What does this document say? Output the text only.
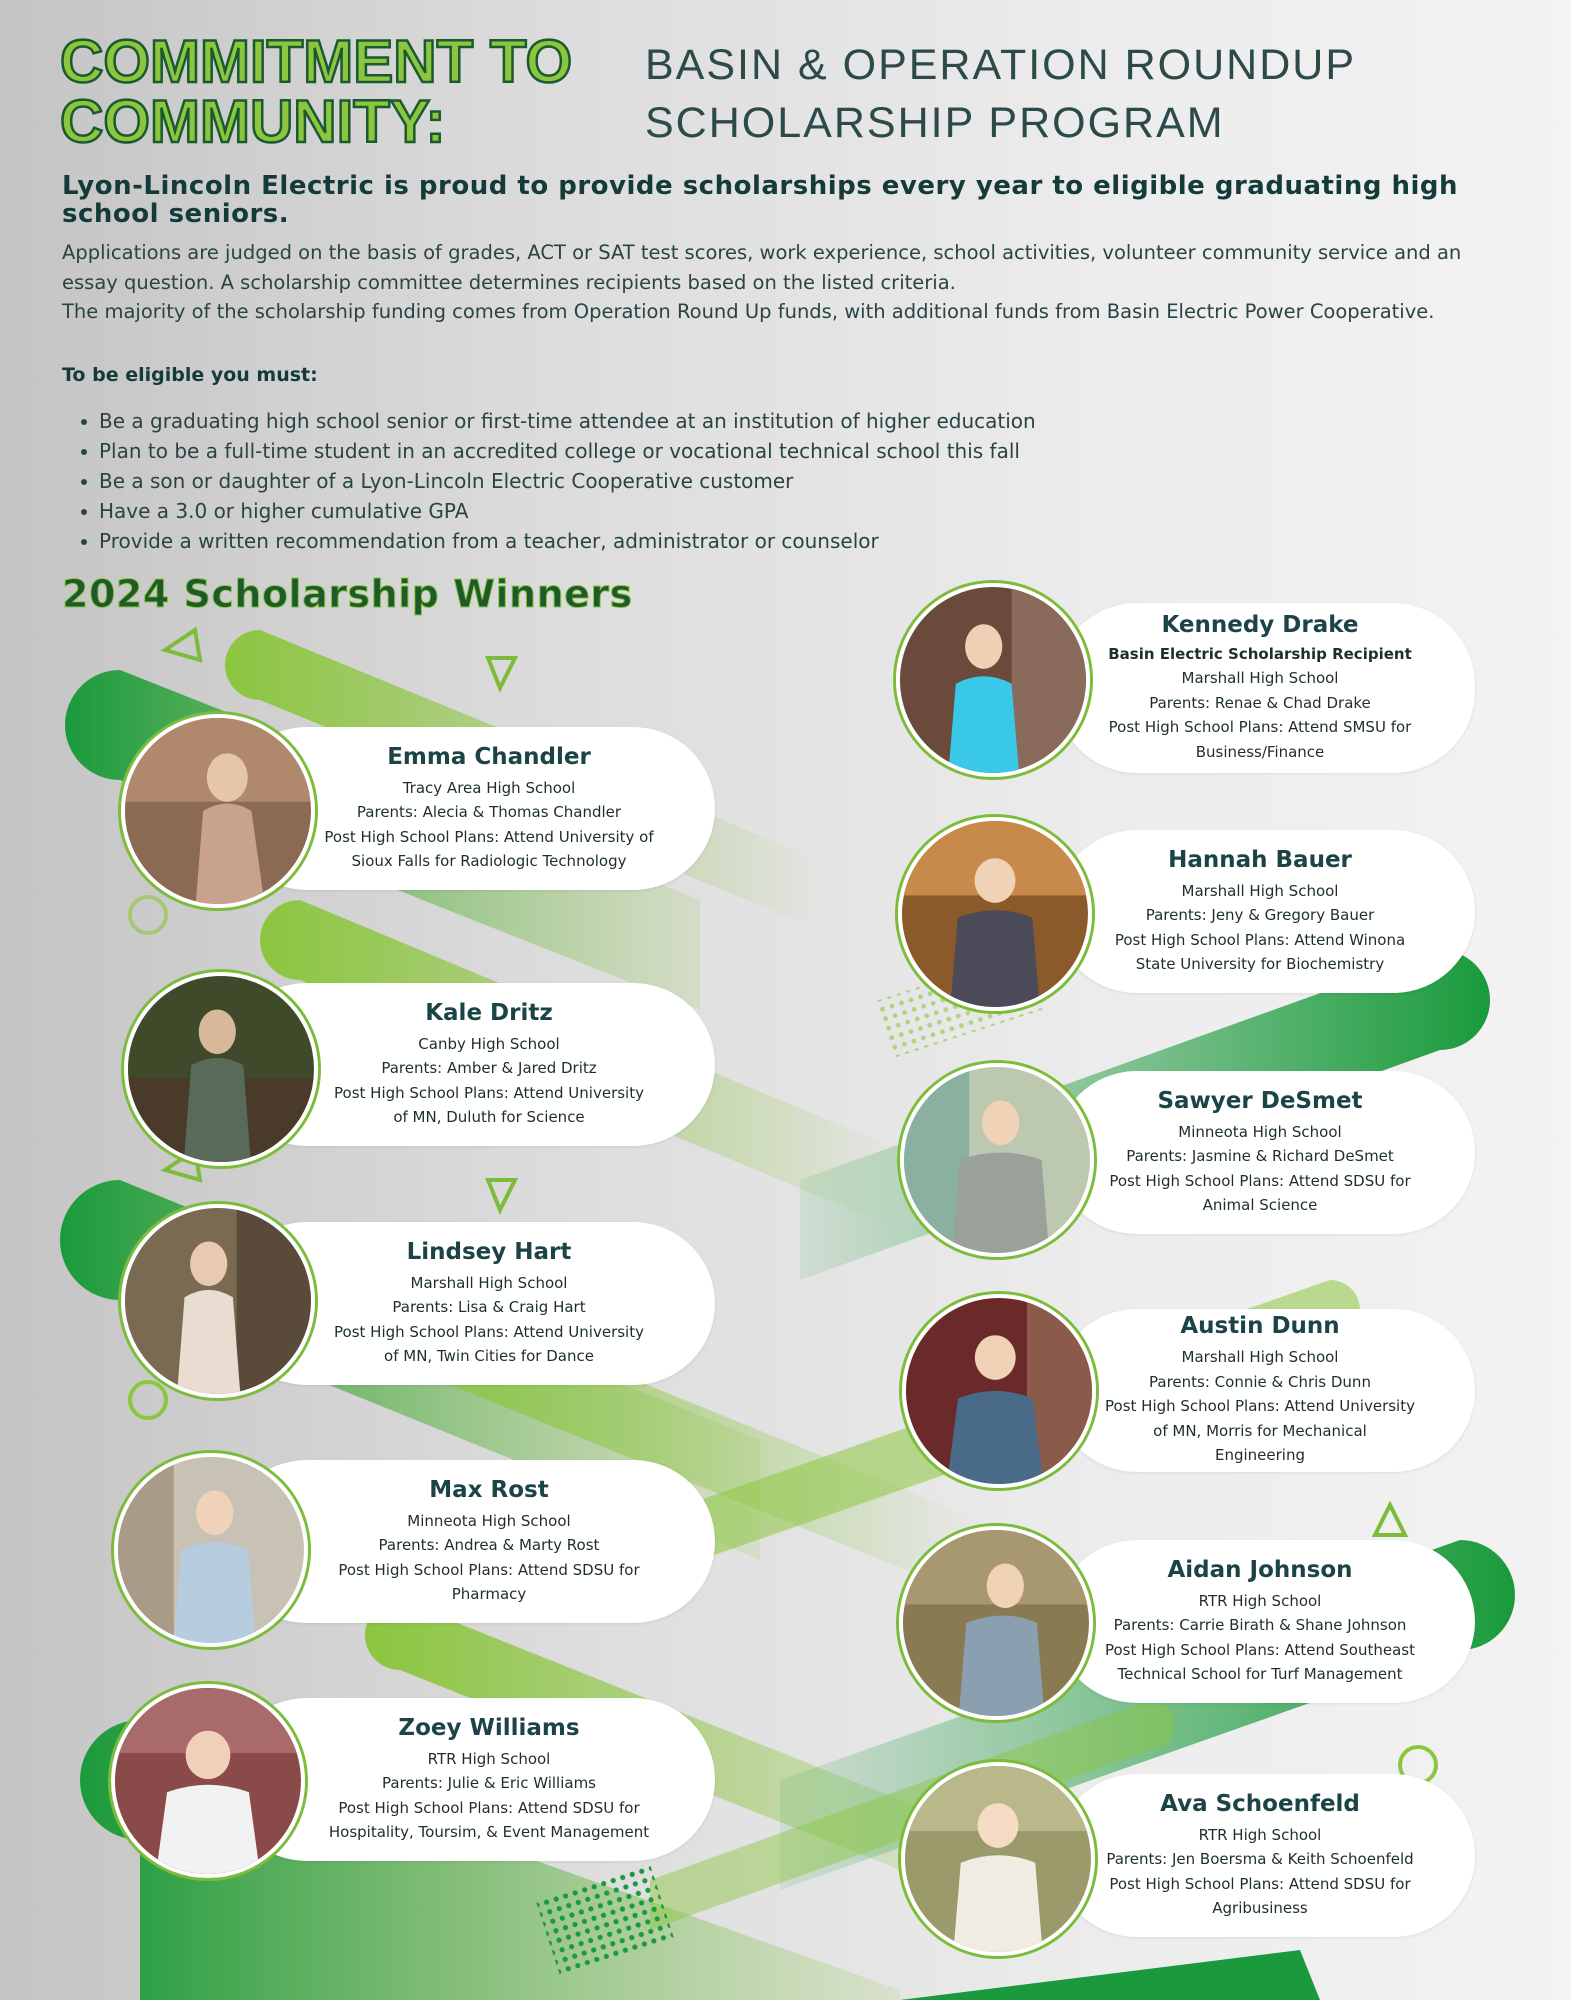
COMMITMENT TO COMMUNITY:
BASIN & OPERATION ROUNDUP
SCHOLARSHIP PROGRAM
Lyon-Lincoln Electric is proud to provide scholarships every year to eligible graduating high school seniors.
Applications are judged on the basis of grades, ACT or SAT test scores, work experience, school activities, volunteer community service and an essay question. A scholarship committee determines recipients based on the listed criteria.
The majority of the scholarship funding comes from Operation Round Up funds, with additional funds from Basin Electric Power Cooperative.
To be eligible you must:
Be a graduating high school senior or first-time attendee at an institution of higher education
Plan to be a full-time student in an accredited college or vocational technical school this fall
Be a son or daughter of a Lyon-Lincoln Electric Cooperative customer
Have a 3.0 or higher cumulative GPA
Provide a written recommendation from a teacher, administrator or counselor
2024 Scholarship Winners
Emma Chandler
Tracy Area High School
Parents: Alecia & Thomas Chandler
Post High School Plans: Attend University of
Sioux Falls for Radiologic Technology
Kale Dritz
Canby High School
Parents: Amber & Jared Dritz
Post High School Plans: Attend University
of MN, Duluth for Science
Lindsey Hart
Marshall High School
Parents: Lisa & Craig Hart
Post High School Plans: Attend University
of MN, Twin Cities for Dance
Max Rost
Minneota High School
Parents: Andrea & Marty Rost
Post High School Plans: Attend SDSU for
Pharmacy
Zoey Williams
RTR High School
Parents: Julie & Eric Williams
Post High School Plans: Attend SDSU for
Hospitality, Toursim, & Event Management
Kennedy Drake
Basin Electric Scholarship Recipient
Marshall High School
Parents: Renae & Chad Drake
Post High School Plans: Attend SMSU for
Business/Finance
Hannah Bauer
Marshall High School
Parents: Jeny & Gregory Bauer
Post High School Plans: Attend Winona
State University for Biochemistry
Sawyer DeSmet
Minneota High School
Parents: Jasmine & Richard DeSmet
Post High School Plans: Attend SDSU for
Animal Science
Austin Dunn
Marshall High School
Parents: Connie & Chris Dunn
Post High School Plans: Attend University
of MN, Morris for Mechanical
Engineering
Aidan Johnson
RTR High School
Parents: Carrie Birath & Shane Johnson
Post High School Plans: Attend Southeast
Technical School for Turf Management
Ava Schoenfeld
RTR High School
Parents: Jen Boersma & Keith Schoenfeld
Post High School Plans: Attend SDSU for
Agribusiness
